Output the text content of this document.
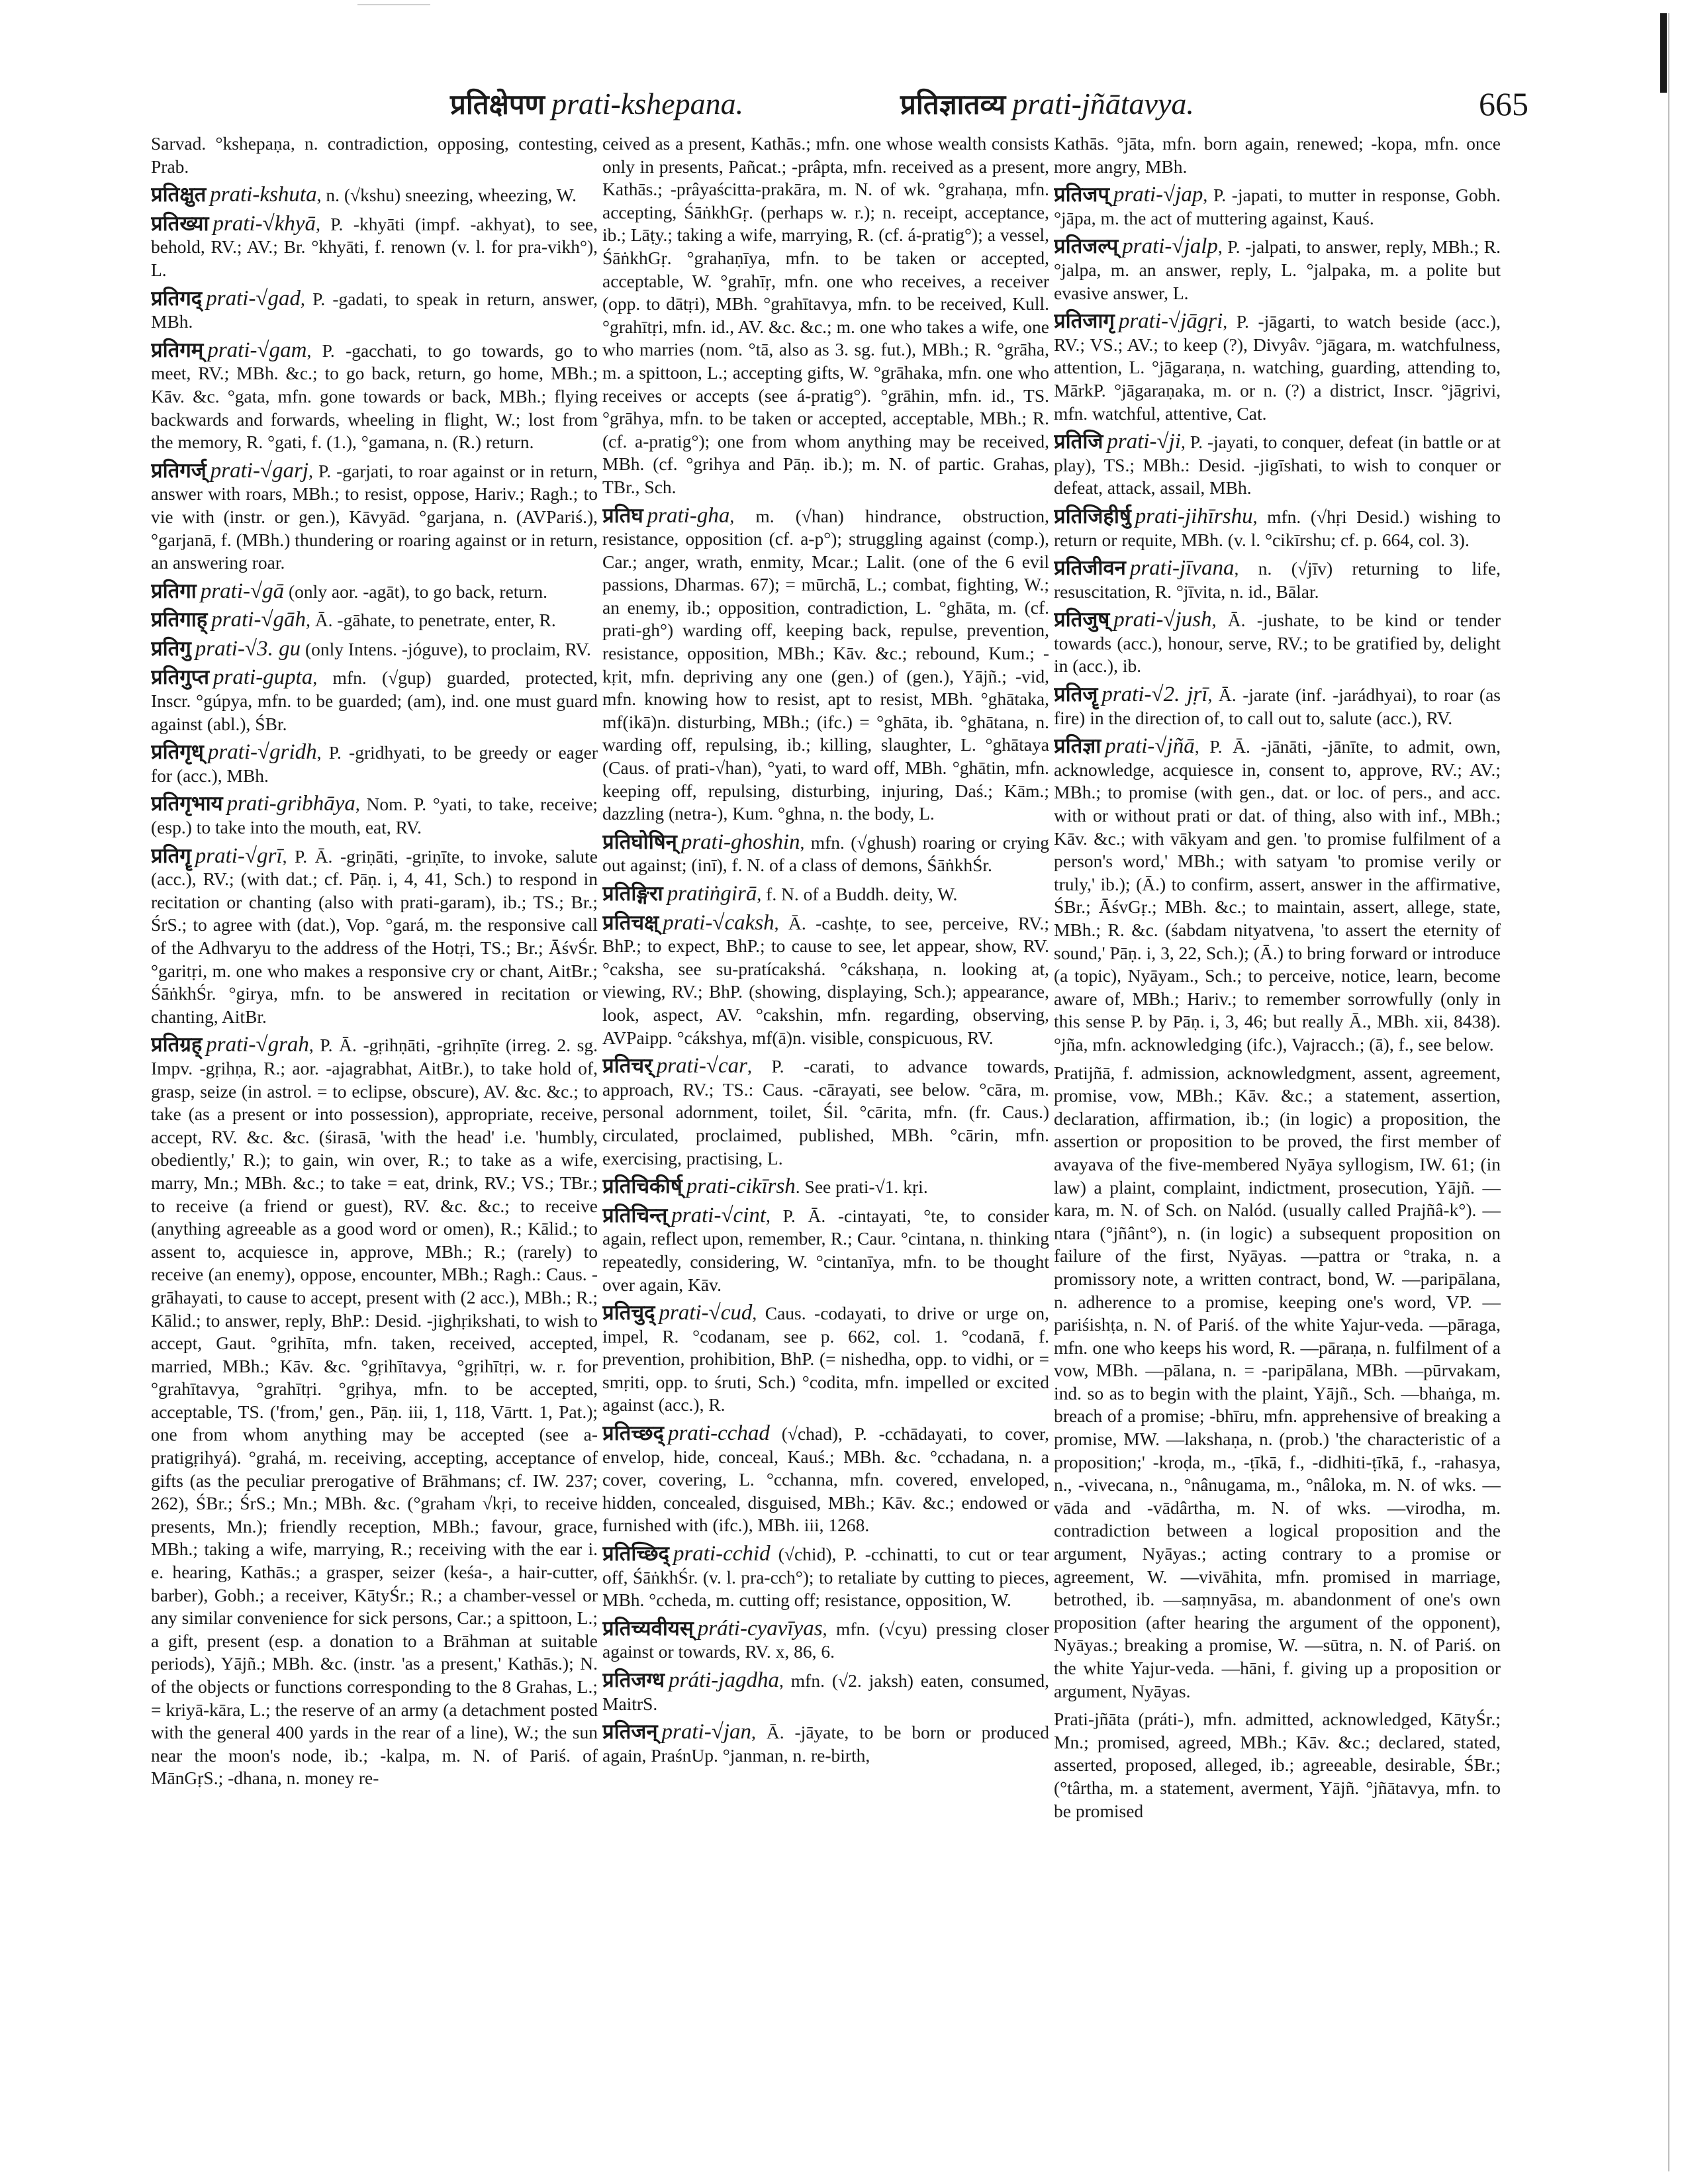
प्रतिक्षेपण prati-kshepana.	प्रतिज्ञातव्य prati-jñātavya.	665

Sarvad. °kshepaṇa, n. contradiction, opposing, contesting, Prab.

प्रतिक्षुत prati-kshuta, n. (√kshu) sneezing, wheezing, W.

प्रतिख्या prati-√khyā, P. -khyāti (impf. -akhyat), to see, behold, RV.; AV.; Br. °khyāti, f. renown (v. l. for pra-vikh°), L.

प्रतिगद् prati-√gad, P. -gadati, to speak in return, answer, MBh.

प्रतिगम् prati-√gam, P. -gacchati, to go towards, go to meet, RV.; MBh. &c.; to go back, return, go home, MBh.; Kāv. &c. °gata, mfn. gone towards or back, MBh.; flying backwards and forwards, wheeling in flight, W.; lost from the memory, R. °gati, f. (1.), °gamana, n. (R.) return.

प्रतिगर्ज् prati-√garj, P. -garjati, to roar against or in return, answer with roars, MBh.; to resist, oppose, Hariv.; Ragh.; to vie with (instr. or gen.), Kāvyād. °garjana, n. (AVPariś.), °garjanā, f. (MBh.) thundering or roaring against or in return, an answering roar.

प्रतिगा prati-√gā (only aor. -agāt), to go back, return.

प्रतिगाह् prati-√gāh, Ā. -gāhate, to penetrate, enter, R.

प्रतिगु prati-√3. gu (only Intens. -jóguve), to proclaim, RV.

प्रतिगुप्त prati-gupta, mfn. (√gup) guarded, protected, Inscr. °gúpya, mfn. to be guarded; (am), ind. one must guard against (abl.), ŚBr.

प्रतिगृध् prati-√gridh, P. -gridhyati, to be greedy or eager for (acc.), MBh.

प्रतिगृभाय prati-gribhāya, Nom. P. °yati, to take, receive; (esp.) to take into the mouth, eat, RV.

प्रतिगॄ prati-√grī, P. Ā. -griṇāti, -griṇīte, to invoke, salute (acc.), RV.; (with dat.; cf. Pāṇ. i, 4, 41, Sch.) to respond in recitation or chanting (also with prati-garam), ib.; TS.; Br.; ŚrS.; to agree with (dat.), Vop. °gará, m. the responsive call of the Adhvaryu to the address of the Hotṛi, TS.; Br.; ĀśvŚr. °garitṛi, m. one who makes a responsive cry or chant, AitBr.; ŚāṅkhŚr. °girya, mfn. to be answered in recitation or chanting, AitBr.

प्रतिग्रह् prati-√grah, P. Ā. -gṛihṇāti, -gṛihṇīte (irreg. 2. sg. Impv. -gṛihṇa, R.; aor. -ajagrabhat, AitBr.), to take hold of, grasp, seize (in astrol. = to eclipse, obscure), AV. &c. &c.; to take (as a present or into possession), appropriate, receive, accept, RV. &c. &c. (śirasā, 'with the head' i.e. 'humbly, obediently,' R.); to gain, win over, R.; to take as a wife, marry, Mn.; MBh. &c.; to take = eat, drink, RV.; VS.; TBr.; to receive (a friend or guest), RV. &c. &c.; to receive (anything agreeable as a good word or omen), R.; Kālid.; to assent to, acquiesce in, approve, MBh.; R.; (rarely) to receive (an enemy), oppose, encounter, MBh.; Ragh.: Caus. -grāhayati, to cause to accept, present with (2 acc.), MBh.; R.; Kālid.; to answer, reply, BhP.: Desid. -jighṛikshati, to wish to accept, Gaut. °gṛihīta, mfn. taken, received, accepted, married, MBh.; Kāv. &c. °gṛihītavya, °gṛihītṛi, w. r. for °grahītavya, °grahītṛi. °gṛihya, mfn. to be accepted, acceptable, TS. ('from,' gen., Pāṇ. iii, 1, 118, Vārtt. 1, Pat.); one from whom anything may be accepted (see a-pratigṛihyá). °grahá, m. receiving, accepting, acceptance of gifts (as the peculiar prerogative of Brāhmans; cf. IW. 237; 262), ŚBr.; ŚrS.; Mn.; MBh. &c. (°graham √kṛi, to receive presents, Mn.); friendly reception, MBh.; favour, grace, MBh.; taking a wife, marrying, R.; receiving with the ear i. e. hearing, Kathās.; a grasper, seizer (keśa-, a hair-cutter, barber), Gobh.; a receiver, KātyŚr.; R.; a chamber-vessel or any similar convenience for sick persons, Car.; a spittoon, L.; a gift, present (esp. a donation to a Brāhman at suitable periods), Yājñ.; MBh. &c. (instr. 'as a present,' Kathās.); N. of the objects or functions corresponding to the 8 Grahas, L.; = kriyā-kāra, L.; the reserve of an army (a detachment posted with the general 400 yards in the rear of a line), W.; the sun near the moon's node, ib.; -kalpa, m. N. of Pariś. of MānGṛS.; -dhana, n. money re-

ceived as a present, Kathās.; mfn. one whose wealth consists only in presents, Pañcat.; -prâpta, mfn. received as a present, Kathās.; -prâyaścitta-prakāra, m. N. of wk. °grahaṇa, mfn. accepting, ŚāṅkhGṛ. (perhaps w. r.); n. receipt, acceptance, ib.; Lāṭy.; taking a wife, marrying, R. (cf. á-pratig°); a vessel, ŚāṅkhGṛ. °grahaṇīya, mfn. to be taken or accepted, acceptable, W. °grahīṛ, mfn. one who receives, a receiver (opp. to dātṛi), MBh. °grahītavya, mfn. to be received, Kull. °grahītṛi, mfn. id., AV. &c. &c.; m. one who takes a wife, one who marries (nom. °tā, also as 3. sg. fut.), MBh.; R. °grāha, m. a spittoon, L.; accepting gifts, W. °grāhaka, mfn. one who receives or accepts (see á-pratig°). °grāhin, mfn. id., TS. °grāhya, mfn. to be taken or accepted, acceptable, MBh.; R. (cf. a-pratig°); one from whom anything may be received, MBh. (cf. °grihya and Pāṇ. ib.); m. N. of partic. Grahas, TBr., Sch.

प्रतिघ prati-gha, m. (√han) hindrance, obstruction, resistance, opposition (cf. a-p°); struggling against (comp.), Car.; anger, wrath, enmity, Mcar.; Lalit. (one of the 6 evil passions, Dharmas. 67); = mūrchā, L.; combat, fighting, W.; an enemy, ib.; opposition, contradiction, L. °ghāta, m. (cf. prati-gh°) warding off, keeping back, repulse, prevention, resistance, opposition, MBh.; Kāv. &c.; rebound, Kum.; -kṛit, mfn. depriving any one (gen.) of (gen.), Yājñ.; -vid, mfn. knowing how to resist, apt to resist, MBh. °ghātaka, mf(ikā)n. disturbing, MBh.; (ifc.) = °ghāta, ib. °ghātana, n. warding off, repulsing, ib.; killing, slaughter, L. °ghātaya (Caus. of prati-√han), °yati, to ward off, MBh. °ghātin, mfn. keeping off, repulsing, disturbing, injuring, Daś.; Kām.; dazzling (netra-), Kum. °ghna, n. the body, L.

प्रतिघोषिन् prati-ghoshin, mfn. (√ghush) roaring or crying out against; (inī), f. N. of a class of demons, ŚāṅkhŚr.

प्रतिङ्गिरा pratiṅgirā, f. N. of a Buddh. deity, W.

प्रतिचक्ष् prati-√caksh, Ā. -cashṭe, to see, perceive, RV.; BhP.; to expect, BhP.; to cause to see, let appear, show, RV. °caksha, see su-pratícakshá. °cákshaṇa, n. looking at, viewing, RV.; BhP. (showing, displaying, Sch.); appearance, look, aspect, AV. °cakshin, mfn. regarding, observing, AVPaipp. °cákshya, mf(ā)n. visible, conspicuous, RV.

प्रतिचर् prati-√car, P. -carati, to advance towards, approach, RV.; TS.: Caus. -cārayati, see below. °cāra, m. personal adornment, toilet, Śil. °cārita, mfn. (fr. Caus.) circulated, proclaimed, published, MBh. °cārin, mfn. exercising, practising, L.

प्रतिचिकीर्ष् prati-cikīrsh. See prati-√1. kṛi.

प्रतिचिन्त् prati-√cint, P. Ā. -cintayati, °te, to consider again, reflect upon, remember, R.; Caur. °cintana, n. thinking repeatedly, considering, W. °cintanīya, mfn. to be thought over again, Kāv.

प्रतिचुद् prati-√cud, Caus. -codayati, to drive or urge on, impel, R. °codanam, see p. 662, col. 1. °codanā, f. prevention, prohibition, BhP. (= nishedha, opp. to vidhi, or = smṛiti, opp. to śruti, Sch.) °codita, mfn. impelled or excited against (acc.), R.

प्रतिच्छद् prati-cchad (√chad), P. -cchādayati, to cover, envelop, hide, conceal, Kauś.; MBh. &c. °cchadana, n. a cover, covering, L. °cchanna, mfn. covered, enveloped, hidden, concealed, disguised, MBh.; Kāv. &c.; endowed or furnished with (ifc.), MBh. iii, 1268.

प्रतिच्छिद् prati-cchid (√chid), P. -cchinatti, to cut or tear off, ŚāṅkhŚr. (v. l. pra-cch°); to retaliate by cutting to pieces, MBh. °ccheda, m. cutting off; resistance, opposition, W.

प्रतिच्यवीयस् práti-cyavīyas, mfn. (√cyu) pressing closer against or towards, RV. x, 86, 6.

प्रतिजग्ध práti-jagdha, mfn. (√2. jaksh) eaten, consumed, MaitrS.

प्रतिजन् prati-√jan, Ā. -jāyate, to be born or produced again, PraśnUp. °janman, n. re-birth,

Kathās. °jāta, mfn. born again, renewed; -kopa, mfn. once more angry, MBh.

प्रतिजप् prati-√jap, P. -japati, to mutter in response, Gobh. °jāpa, m. the act of muttering against, Kauś.

प्रतिजल्प् prati-√jalp, P. -jalpati, to answer, reply, MBh.; R. °jalpa, m. an answer, reply, L. °jalpaka, m. a polite but evasive answer, L.

प्रतिजागृ prati-√jāgṛi, P. -jāgarti, to watch beside (acc.), RV.; VS.; AV.; to keep (?), Divyâv. °jāgara, m. watchfulness, attention, L. °jāgaraṇa, n. watching, guarding, attending to, MārkP. °jāgaraṇaka, m. or n. (?) a district, Inscr. °jāgrivi, mfn. watchful, attentive, Cat.

प्रतिजि prati-√ji, P. -jayati, to conquer, defeat (in battle or at play), TS.; MBh.: Desid. -jigīshati, to wish to conquer or defeat, attack, assail, MBh.

प्रतिजिहीर्षु prati-jihīrshu, mfn. (√hṛi Desid.) wishing to return or requite, MBh. (v. l. °cikīrshu; cf. p. 664, col. 3).

प्रतिजीवन prati-jīvana, n. (√jīv) returning to life, resuscitation, R. °jīvita, n. id., Bālar.

प्रतिजुष् prati-√jush, Ā. -jushate, to be kind or tender towards (acc.), honour, serve, RV.; to be gratified by, delight in (acc.), ib.

प्रतिजॄ prati-√2. jṛī, Ā. -jarate (inf. -jarádhyai), to roar (as fire) in the direction of, to call out to, salute (acc.), RV.

प्रतिज्ञा prati-√jñā, P. Ā. -jānāti, -jānīte, to admit, own, acknowledge, acquiesce in, consent to, approve, RV.; AV.; MBh.; to promise (with gen., dat. or loc. of pers., and acc. with or without prati or dat. of thing, also with inf., MBh.; Kāv. &c.; with vākyam and gen. 'to promise fulfilment of a person's word,' MBh.; with satyam 'to promise verily or truly,' ib.); (Ā.) to confirm, assert, answer in the affirmative, ŚBr.; ĀśvGṛ.; MBh. &c.; to maintain, assert, allege, state, MBh.; R. &c. (śabdam nityatvena, 'to assert the eternity of sound,' Pāṇ. i, 3, 22, Sch.); (Ā.) to bring forward or introduce (a topic), Nyāyam., Sch.; to perceive, notice, learn, become aware of, MBh.; Hariv.; to remember sorrowfully (only in this sense P. by Pāṇ. i, 3, 46; but really Ā., MBh. xii, 8438). °jña, mfn. acknowledging (ifc.), Vajracch.; (ā), f., see below.

Pratijñā, f. admission, acknowledgment, assent, agreement, promise, vow, MBh.; Kāv. &c.; a statement, assertion, declaration, affirmation, ib.; (in logic) a proposition, the assertion or proposition to be proved, the first member of avayava of the five-membered Nyāya syllogism, IW. 61; (in law) a plaint, complaint, indictment, prosecution, Yājñ. —kara, m. N. of Sch. on Nalód. (usually called Prajñâ-k°). —ntara (°jñânt°), n. (in logic) a subsequent proposition on failure of the first, Nyāyas. —pattra or °traka, n. a promissory note, a written contract, bond, W. —paripālana, n. adherence to a promise, keeping one's word, VP. —pariśishṭa, n. N. of Pariś. of the white Yajur-veda. —pāraga, mfn. one who keeps his word, R. —pāraṇa, n. fulfilment of a vow, MBh. —pālana, n. = -paripālana, MBh. —pūrvakam, ind. so as to begin with the plaint, Yājñ., Sch. —bhaṅga, m. breach of a promise; -bhīru, mfn. apprehensive of breaking a promise, MW. —lakshaṇa, n. (prob.) 'the characteristic of a proposition;' -kroḍa, m., -ṭīkā, f., -didhiti-ṭīkā, f., -rahasya, n., -vivecana, n., °nânugama, m., °nâloka, m. N. of wks. —vāda and -vādârtha, m. N. of wks. —virodha, m. contradiction between a logical proposition and the argument, Nyāyas.; acting contrary to a promise or agreement, W. —vivāhita, mfn. promised in marriage, betrothed, ib. —saṃnyāsa, m. abandonment of one's own proposition (after hearing the argument of the opponent), Nyāyas.; breaking a promise, W. —sūtra, n. N. of Pariś. on the white Yajur-veda. —hāni, f. giving up a proposition or argument, Nyāyas.

Prati-jñāta (práti-), mfn. admitted, acknowledged, KātyŚr.; Mn.; promised, agreed, MBh.; Kāv. &c.; declared, stated, asserted, proposed, alleged, ib.; agreeable, desirable, ŚBr.; (°târtha, m. a statement, averment, Yājñ. °jñātavya, mfn. to be promised
